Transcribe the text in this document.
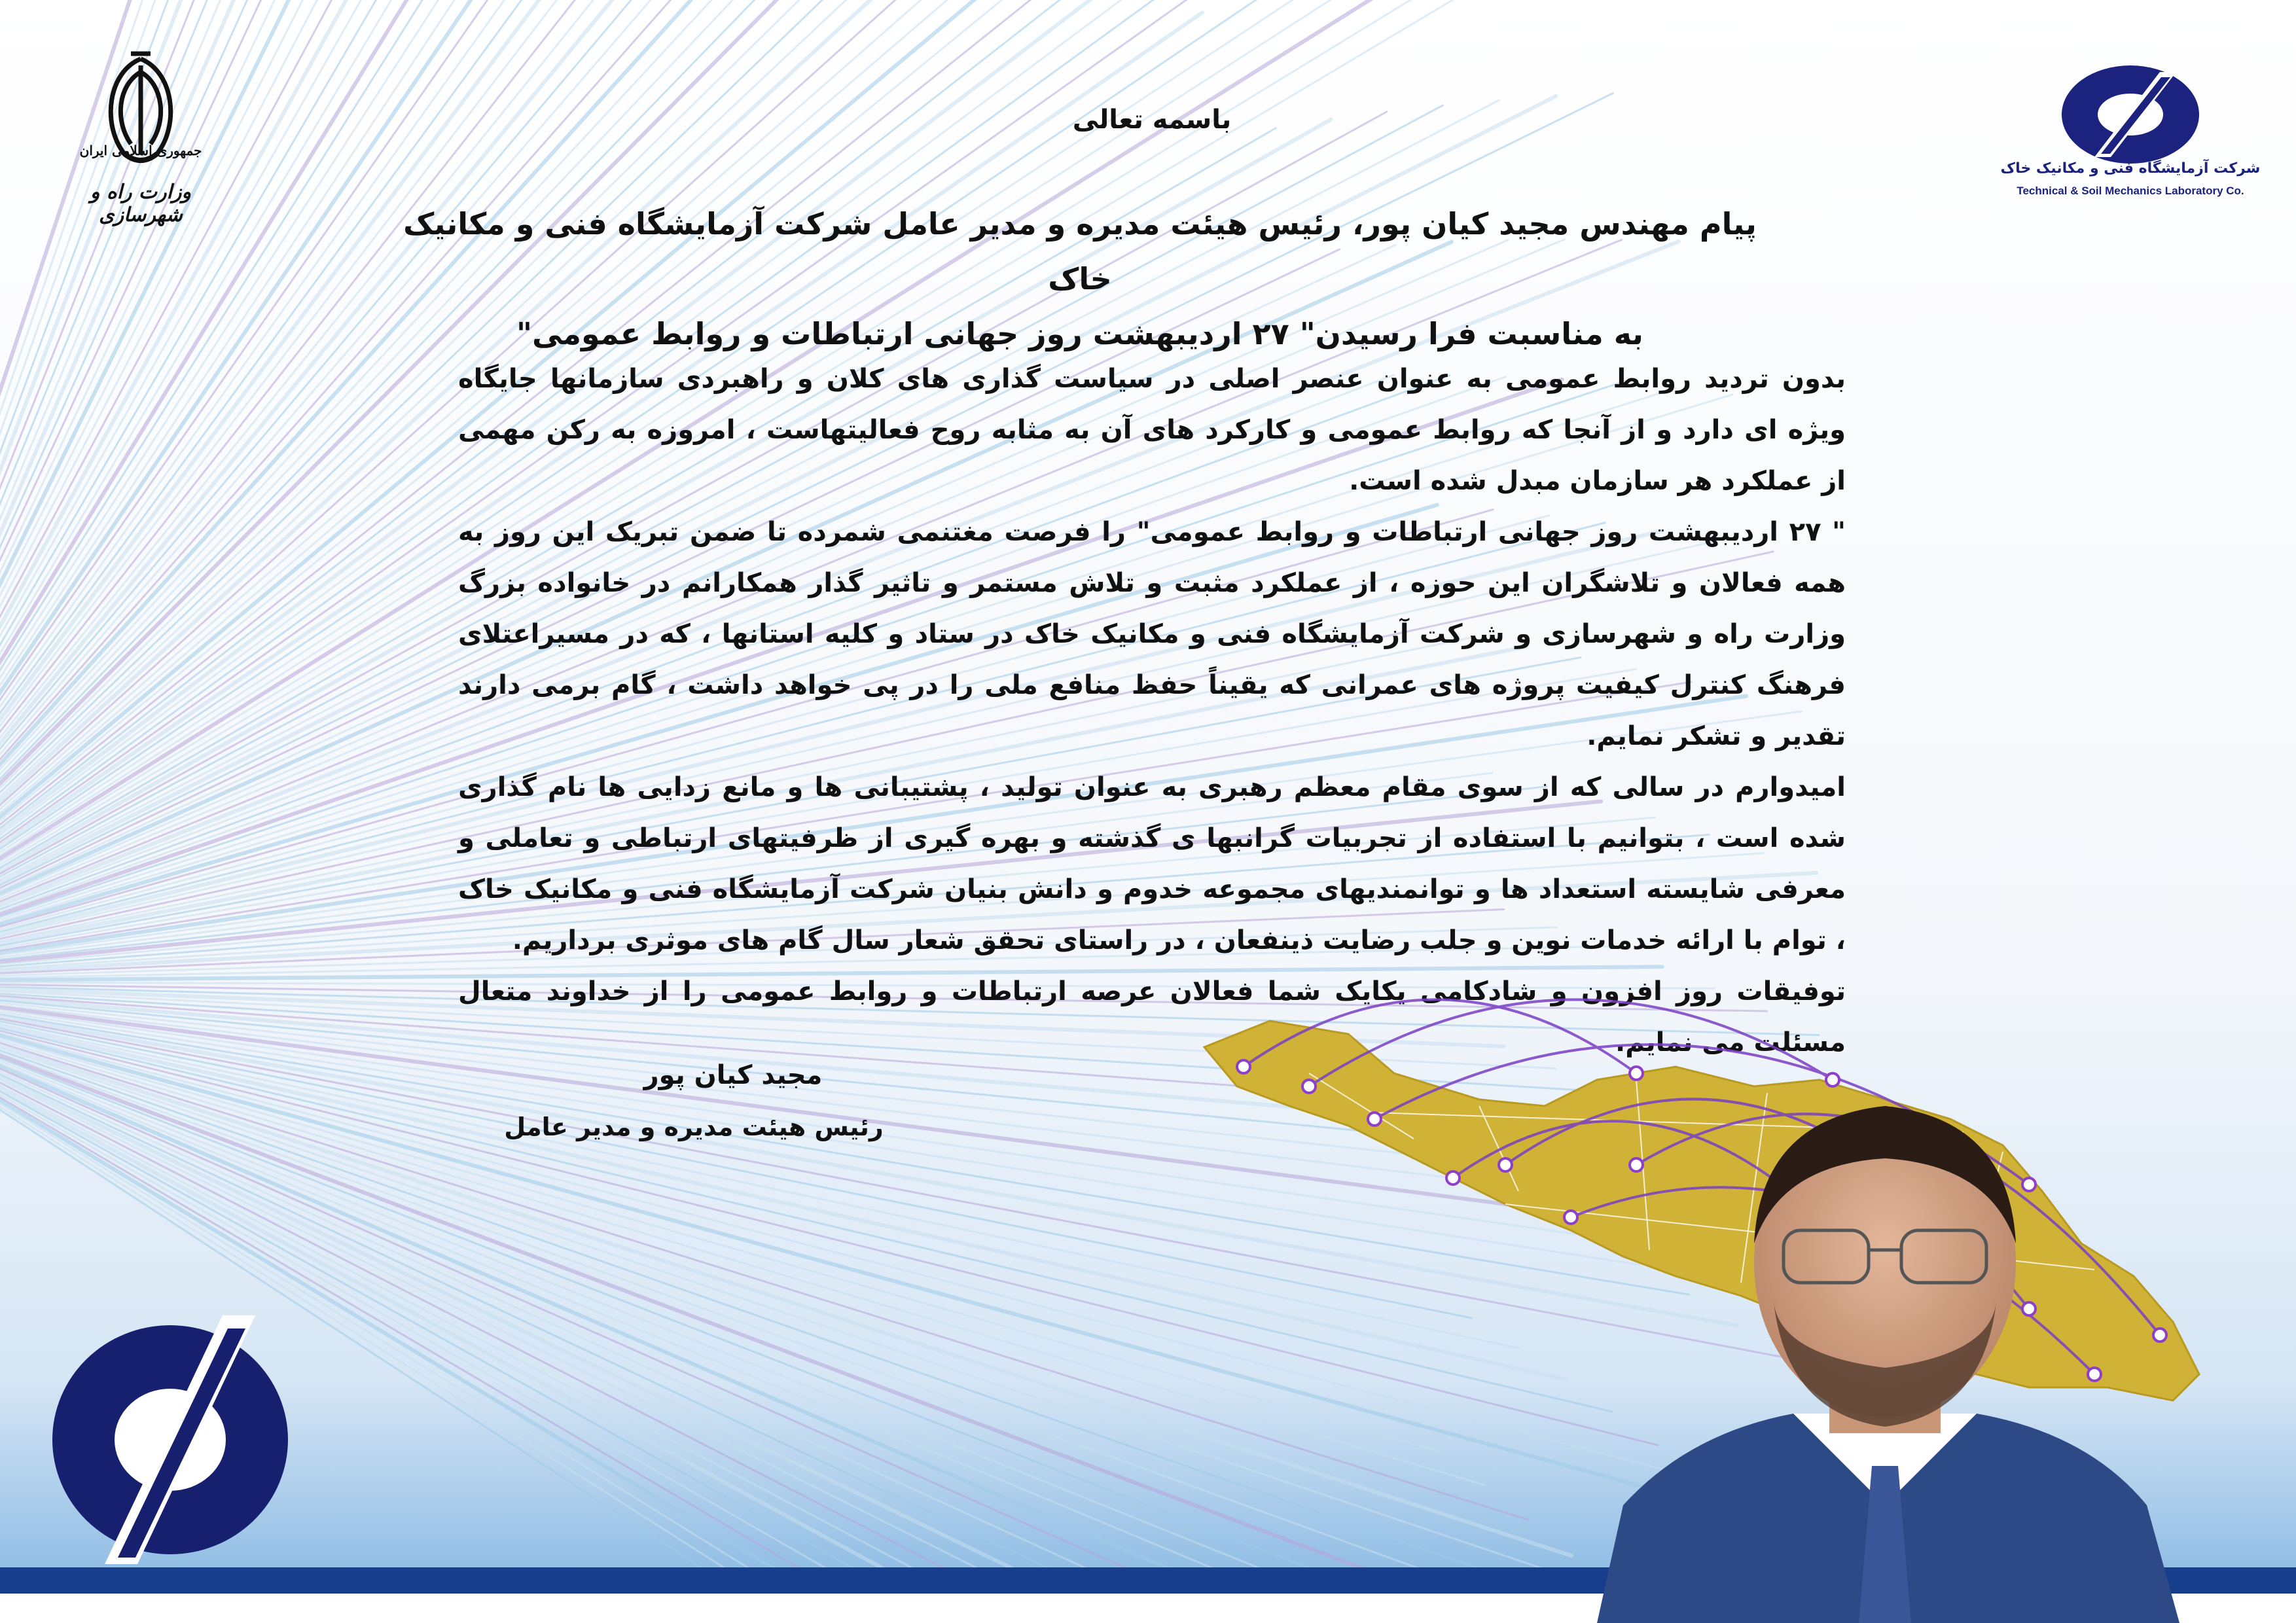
جمهوری اسلامی ایران
وزارت راه و شهرسازی
شرکت آزمایشگاه فنی و مکانیک خاک
Technical & Soil Mechanics Laboratory Co.
باسمه تعالی
پیام مهندس مجید کیان پور، رئیس هیئت مدیره و مدیر عامل شرکت آزمایشگاه فنی و مکانیک خاک
به مناسبت فرا رسیدن" ۲۷ اردیبهشت روز جهانی ارتباطات و روابط عمومی"

بدون تردید روابط عمومی به عنوان عنصر اصلی در سیاست گذاری های کلان و راهبردی سازمانها جایگاه ویژه ای دارد و از آنجا که روابط عمومی و کارکرد های آن به مثابه روح فعالیتهاست ، امروزه به رکن مهمی از عملکرد هر سازمان مبدل شده است.

" ۲۷ اردیبهشت روز جهانی ارتباطات و روابط عمومی" را فرصت مغتنمی شمرده تا ضمن تبریک این روز به همه فعالان و تلاشگران این حوزه ، از عملکرد مثبت و تلاش مستمر و تاثیر گذار همکارانم در خانواده بزرگ وزارت راه و شهرسازی و شرکت آزمایشگاه فنی و مکانیک خاک در ستاد و کلیه استانها ، که در مسیراعتلای فرهنگ کنترل کیفیت پروژه های عمرانی که یقیناً حفظ منافع ملی را در پی خواهد داشت ، گام برمی دارند تقدیر و تشکر نمایم.

امیدوارم در سالی که از سوی مقام معظم رهبری به عنوان تولید ، پشتیبانی ها و مانع زدایی ها نام گذاری شده است ، بتوانیم با استفاده از تجربیات گرانبها ی گذشته و بهره گیری از ظرفیتهای ارتباطی و تعاملی و معرفی شایسته استعداد ها و توانمندیهای مجموعه خدوم و دانش بنیان شرکت آزمایشگاه فنی و مکانیک خاک ، توام با ارائه خدمات نوین و جلب رضایت ذینفعان ، در راستای تحقق شعار سال گام های موثری برداریم.

توفیقات روز افزون و شادکامی یکایک شما فعالان عرصه ارتباطات و روابط عمومی را از خداوند متعال مسئلت می نمایم.

مجید کیان پور
رئیس هیئت مدیره و مدیر عامل
